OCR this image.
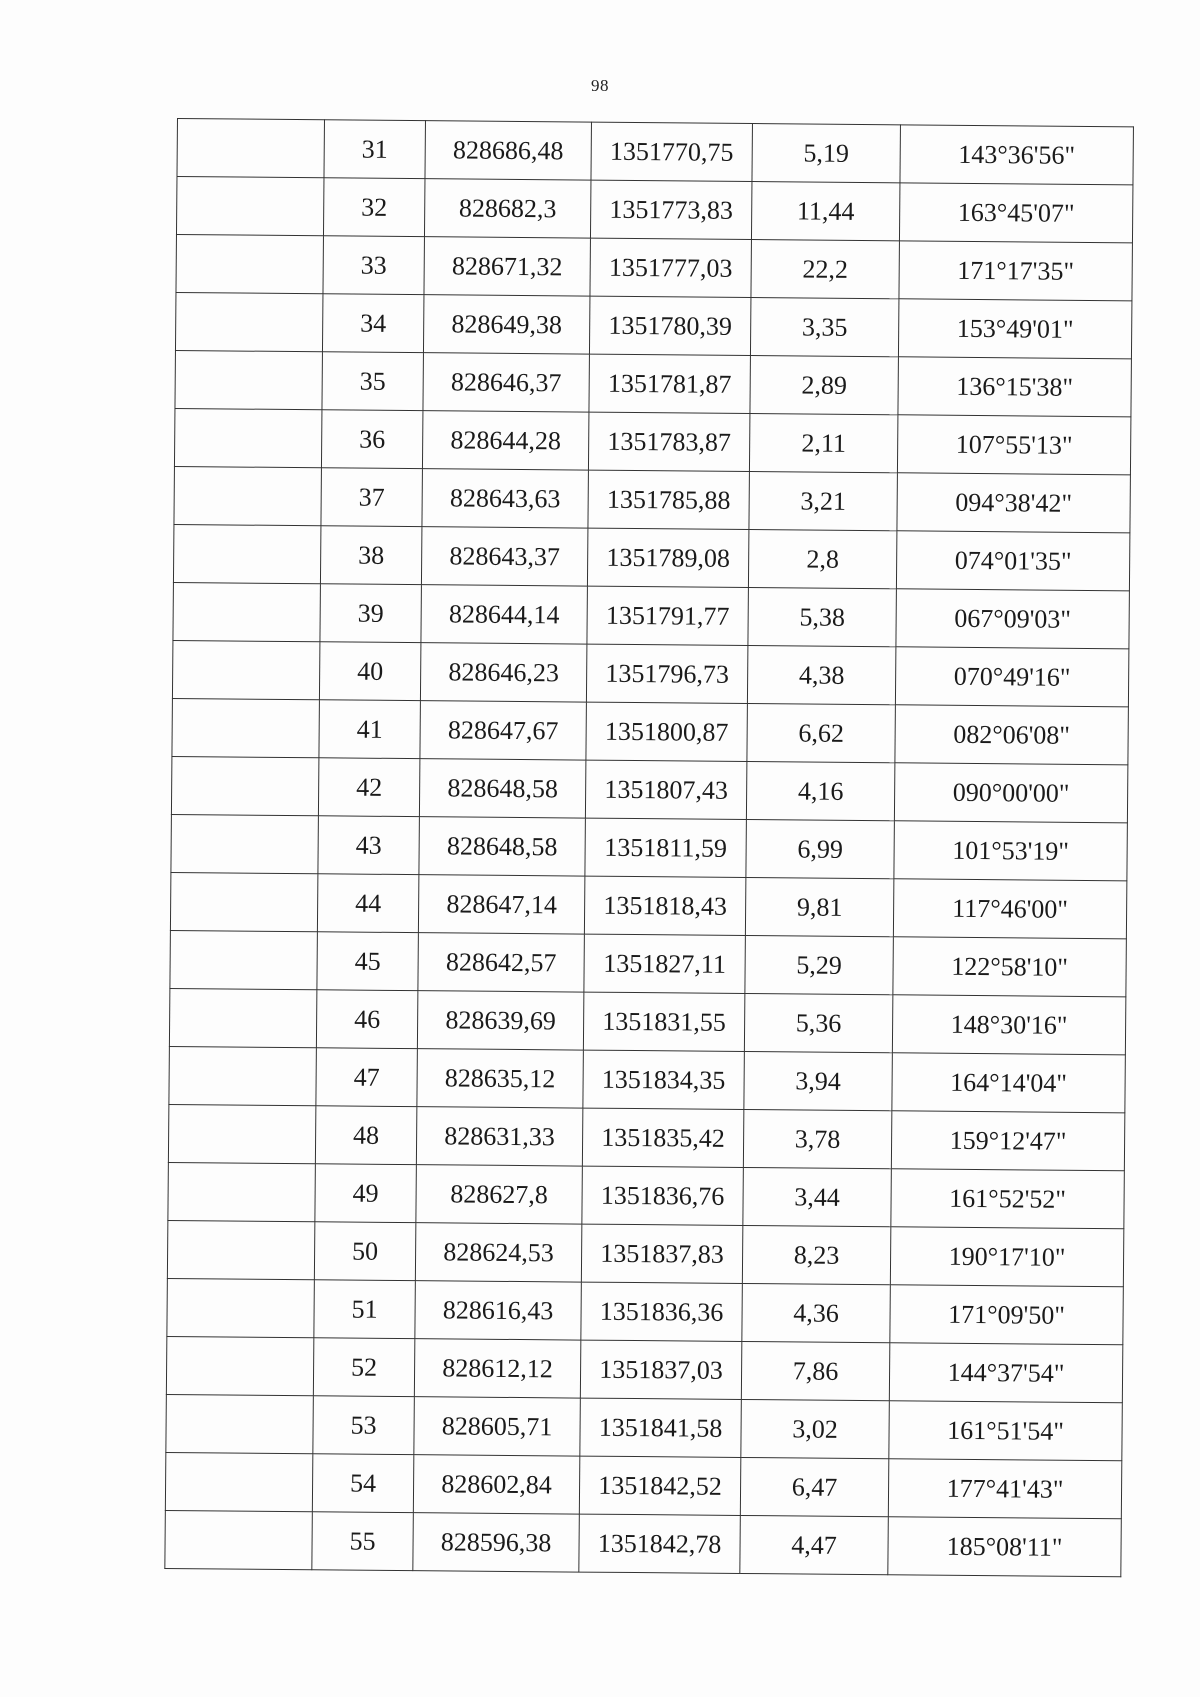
98
	31	828686,48	1351770,75	5,19	143°36'56"
	32	828682,3	1351773,83	11,44	163°45'07"
	33	828671,32	1351777,03	22,2	171°17'35"
	34	828649,38	1351780,39	3,35	153°49'01"
	35	828646,37	1351781,87	2,89	136°15'38"
	36	828644,28	1351783,87	2,11	107°55'13"
	37	828643,63	1351785,88	3,21	094°38'42"
	38	828643,37	1351789,08	2,8	074°01'35"
	39	828644,14	1351791,77	5,38	067°09'03"
	40	828646,23	1351796,73	4,38	070°49'16"
	41	828647,67	1351800,87	6,62	082°06'08"
	42	828648,58	1351807,43	4,16	090°00'00"
	43	828648,58	1351811,59	6,99	101°53'19"
	44	828647,14	1351818,43	9,81	117°46'00"
	45	828642,57	1351827,11	5,29	122°58'10"
	46	828639,69	1351831,55	5,36	148°30'16"
	47	828635,12	1351834,35	3,94	164°14'04"
	48	828631,33	1351835,42	3,78	159°12'47"
	49	828627,8	1351836,76	3,44	161°52'52"
	50	828624,53	1351837,83	8,23	190°17'10"
	51	828616,43	1351836,36	4,36	171°09'50"
	52	828612,12	1351837,03	7,86	144°37'54"
	53	828605,71	1351841,58	3,02	161°51'54"
	54	828602,84	1351842,52	6,47	177°41'43"
	55	828596,38	1351842,78	4,47	185°08'11"
